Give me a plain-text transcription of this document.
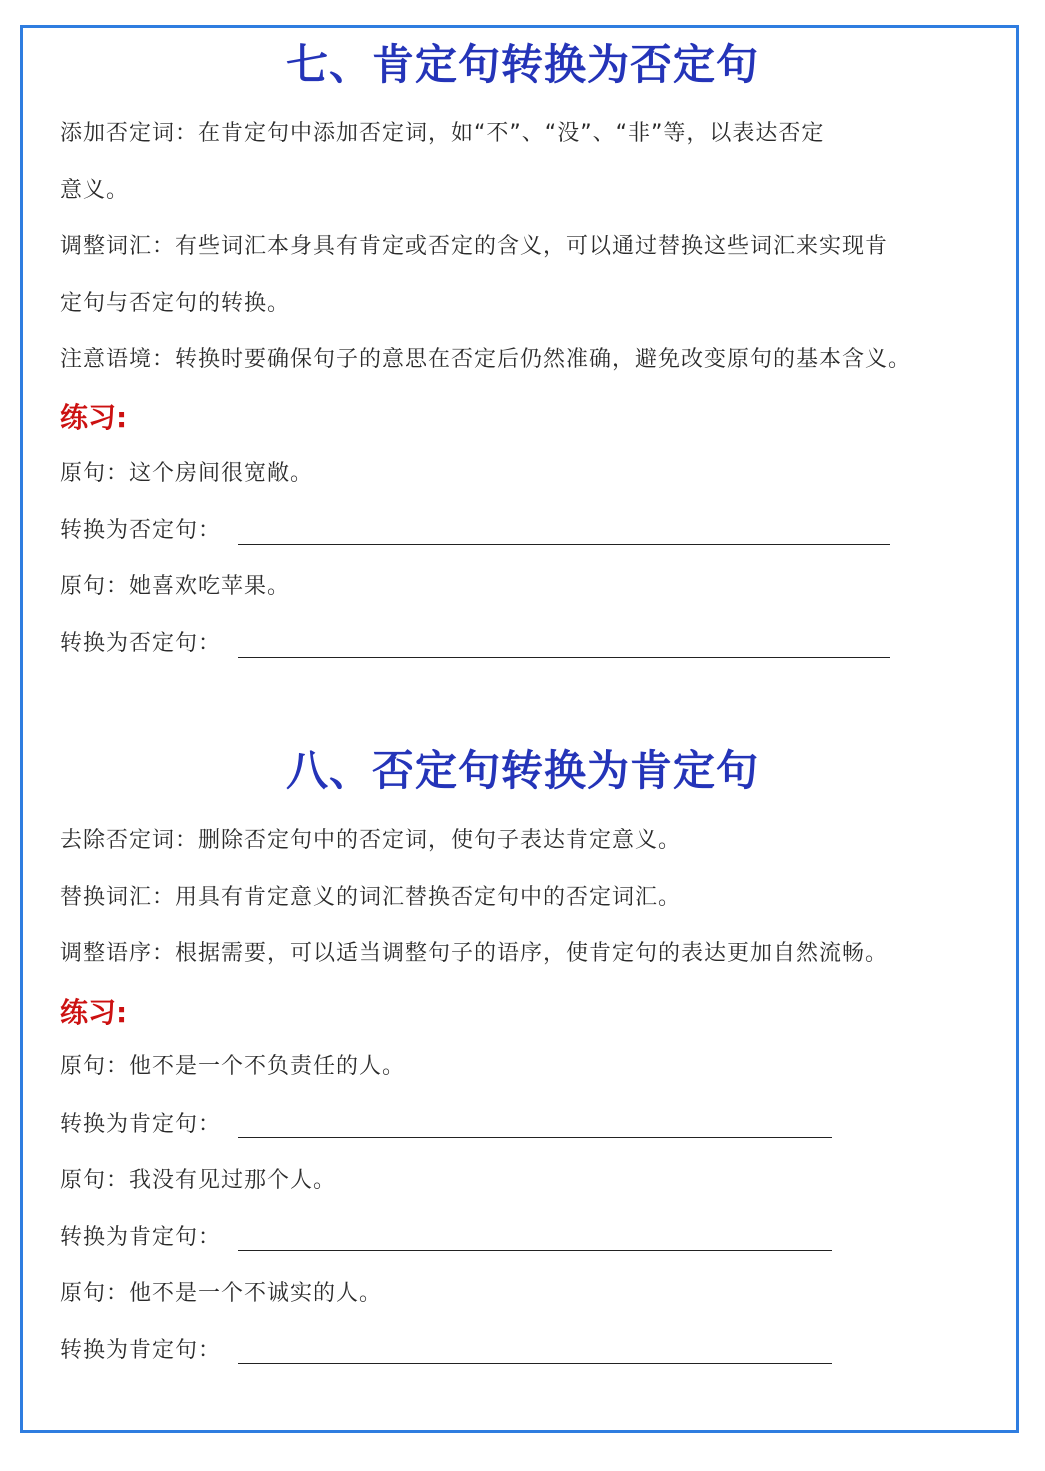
七、肯定句转换为否定句
添加否定词：在肯定句中添加否定词，如“不”、“没”、“非”等，以表达否定
意义。
调整词汇：有些词汇本身具有肯定或否定的含义，可以通过替换这些词汇来实现肯
定句与否定句的转换。
注意语境：转换时要确保句子的意思在否定后仍然准确，避免改变原句的基本含义。
练习:
原句：这个房间很宽敞。
转换为否定句：
原句：她喜欢吃苹果。
转换为否定句：
八、否定句转换为肯定句
去除否定词：删除否定句中的否定词，使句子表达肯定意义。
替换词汇：用具有肯定意义的词汇替换否定句中的否定词汇。
调整语序：根据需要，可以适当调整句子的语序，使肯定句的表达更加自然流畅。
练习:
原句：他不是一个不负责任的人。
转换为肯定句：
原句：我没有见过那个人。
转换为肯定句：
原句：他不是一个不诚实的人。
转换为肯定句：
